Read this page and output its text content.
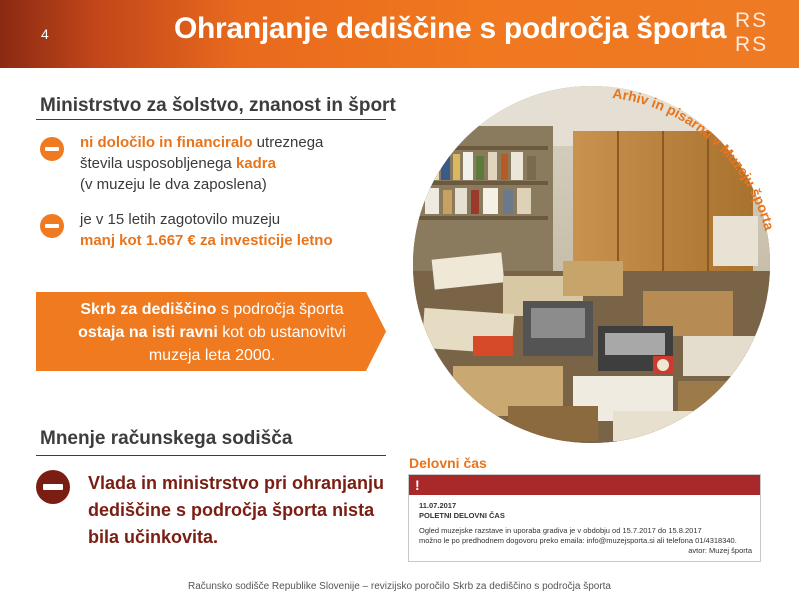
4	Ohranjanje dediščine s področja športa RS
RS
Ministrstvo za šolstvo, znanost in šport
ni določilo in financiralo utreznega
števila usposobljenega kadra
(v muzeju le dva zaposlena)
je v 15 letih zagotovilo muzeju
manj kot 1.667 € za investicije letno
Skrb za dediščino s področja športa
ostaja na isti ravni kot ob ustanovitvi
muzeja leta 2000.
Mnenje računskega sodišča
Vlada in ministrstvo pri ohranjanju dediščine s področja športa nista bila učinkovita.
Arhiv in pisarna v Muzeju športa
Delovni čas
!
11.07.2017
POLETNI DELOVNI ČAS
Ogled muzejske razstave in uporaba gradiva je v obdobju od 15.7.2017 do 15.8.2017
možno le po predhodnem dogovoru preko emaila: info@muzejsporta.si ali telefona 01/4318340.
avtor: Muzej športa
Računsko sodišče Republike Slovenije – revizijsko poročilo Skrb za dediščino s področja športa
